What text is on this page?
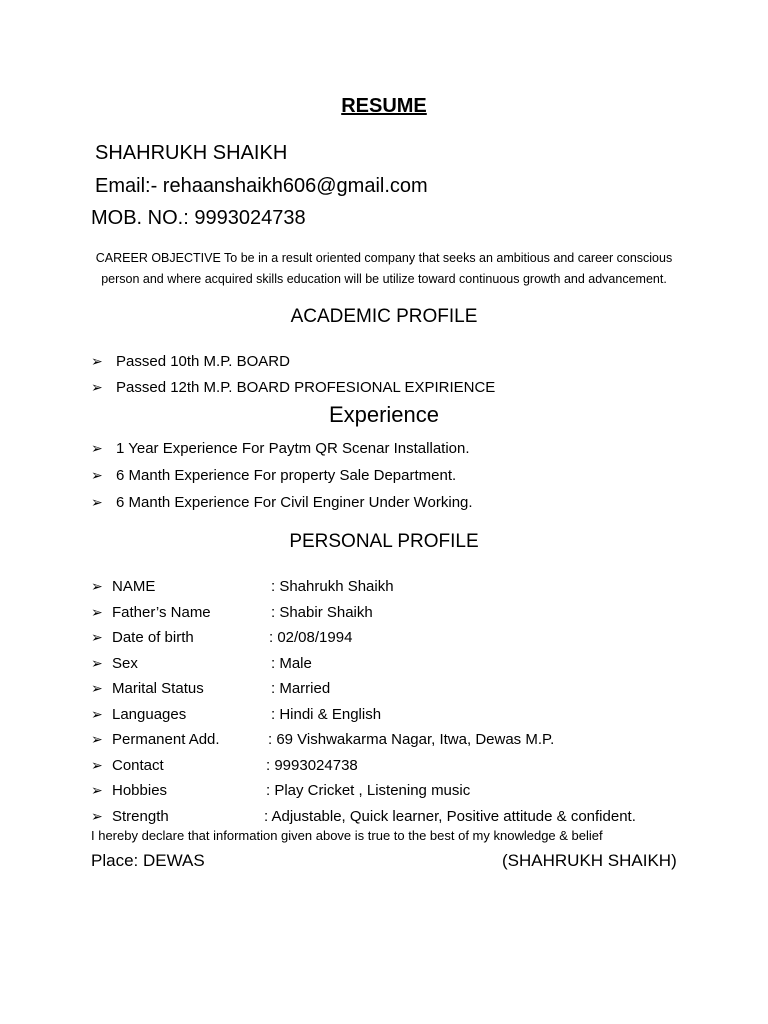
RESUME
SHAHRUKH SHAIKH
Email:- rehaanshaikh606@gmail.com
MOB. NO.: 9993024738
CAREER OBJECTIVE To be in a result oriented company that seeks an ambitious and career conscious person and where acquired skills education will be utilize toward continuous growth and advancement.
ACADEMIC PROFILE
➢ Passed 10th M.P. BOARD
➢ Passed 12th M.P. BOARD PROFESIONAL EXPIRIENCE
Experience
➢ 1 Year Experience For Paytm QR Scenar Installation.
➢ 6 Manth Experience For property Sale Department.
➢ 6 Manth Experience For Civil Enginer Under Working.
PERSONAL PROFILE
➢ NAME	: Shahrukh Shaikh
➢ Father’s Name	: Shabir Shaikh
➢ Date of birth	: 02/08/1994
➢ Sex	: Male
➢ Marital Status	: Married
➢ Languages	: Hindi & English
➢ Permanent Add.	: 69 Vishwakarma Nagar, Itwa, Dewas M.P.
➢ Contact	: 9993024738
➢ Hobbies	: Play Cricket , Listening music
➢ Strength	: Adjustable, Quick learner, Positive attitude & confident.
I hereby declare that information given above is true to the best of my knowledge & belief
Place: DEWAS	(SHAHRUKH SHAIKH)
